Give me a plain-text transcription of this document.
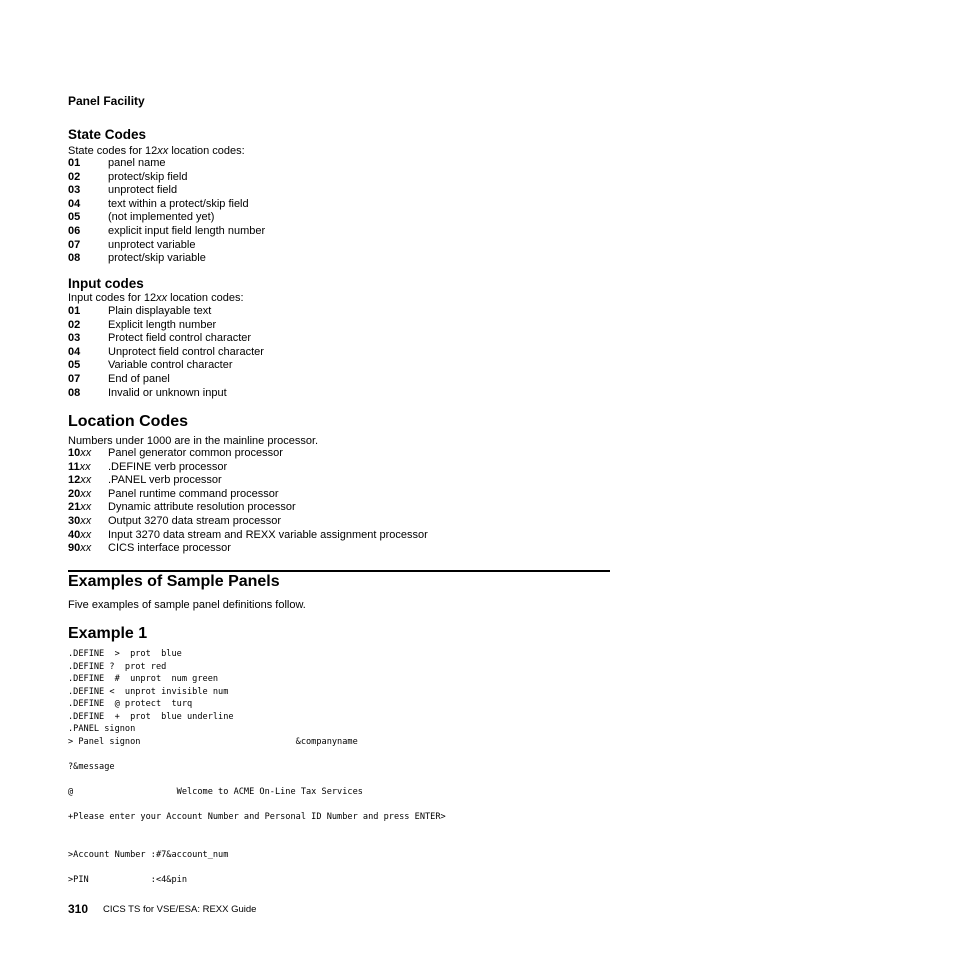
Panel Facility
State Codes
State codes for 12xx location codes:
01	panel name
02	protect/skip field
03	unprotect field
04	text within a protect/skip field
05	(not implemented yet)
06	explicit input field length number
07	unprotect variable
08	protect/skip variable
Input codes
Input codes for 12xx location codes:
01	Plain displayable text
02	Explicit length number
03	Protect field control character
04	Unprotect field control character
05	Variable control character
07	End of panel
08	Invalid or unknown input
Location Codes
Numbers under 1000 are in the mainline processor.
10xx	Panel generator common processor
11xx	.DEFINE verb processor
12xx	.PANEL verb processor
20xx	Panel runtime command processor
21xx	Dynamic attribute resolution processor
30xx	Output 3270 data stream processor
40xx	Input 3270 data stream and REXX variable assignment processor
90xx	CICS interface processor
Examples of Sample Panels
Five examples of sample panel definitions follow.
Example 1
.DEFINE  >  prot  blue
.DEFINE ?  prot red
.DEFINE  #  unprot  num green
.DEFINE <  unprot invisible num
.DEFINE  @ protect  turq
.DEFINE  +  prot  blue underline
.PANEL signon
> Panel signon                              &companyname

?&message

@                    Welcome to ACME On-Line Tax Services

+Please enter your Account Number and Personal ID Number and press ENTER>

>Account Number :#7&account_num

>PIN            :<4&pin
310 CICS TS for VSE/ESA: REXX Guide
